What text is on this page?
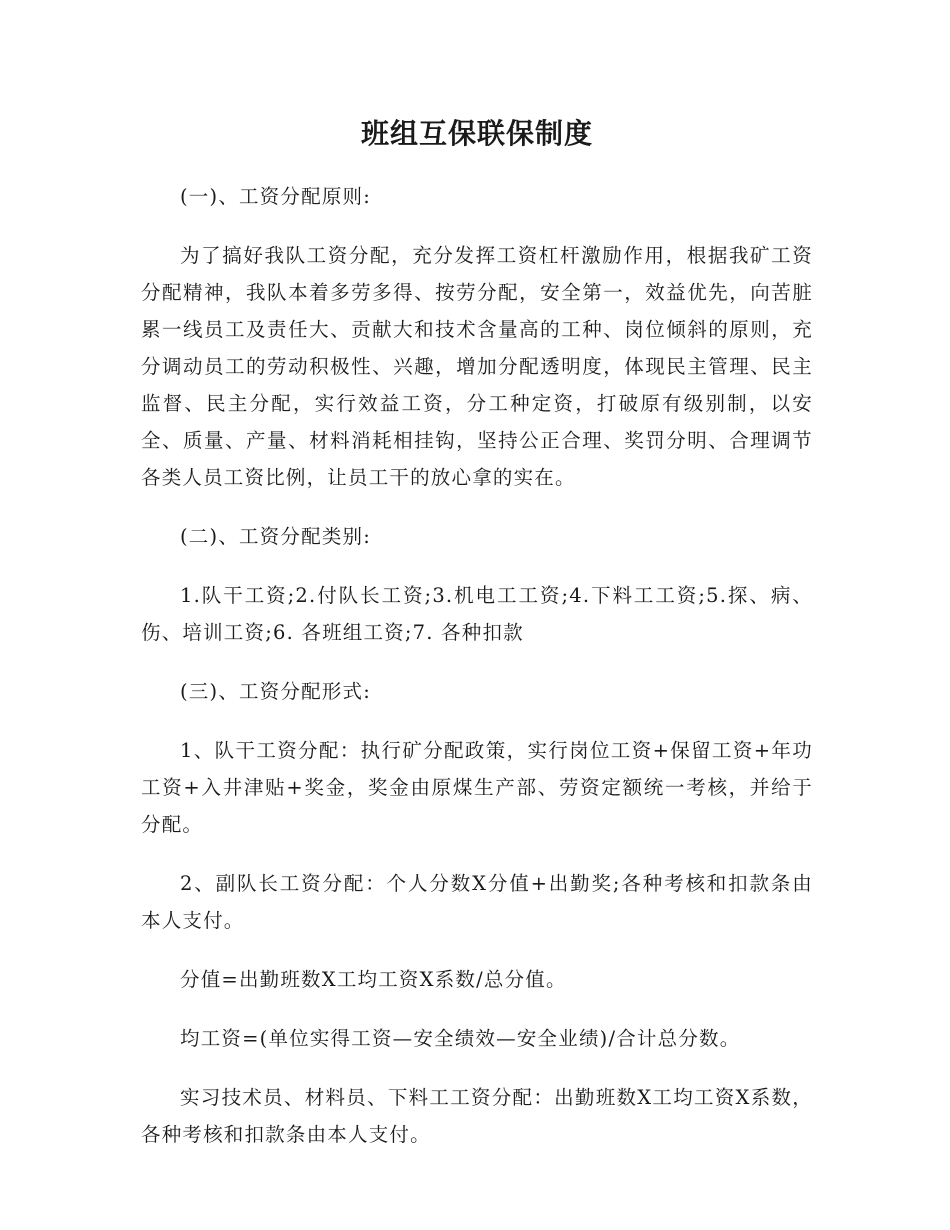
班组互保联保制度

(一)、工资分配原则:

为了搞好我队工资分配，充分发挥工资杠杆激励作用，根据我矿工资分配精神，我队本着多劳多得、按劳分配，安全第一，效益优先，向苦脏累一线员工及责任大、贡献大和技术含量高的工种、岗位倾斜的原则，充分调动员工的劳动积极性、兴趣，增加分配透明度，体现民主管理、民主监督、民主分配，实行效益工资，分工种定资，打破原有级别制，以安全、质量、产量、材料消耗相挂钩，坚持公正合理、奖罚分明、合理调节各类人员工资比例，让员工干的放心拿的实在。

(二)、工资分配类别:

1.队干工资;2.付队长工资;3.机电工工资;4.下料工工资;5.探、病、伤、培训工资;6. 各班组工资;7. 各种扣款

(三)、工资分配形式:

1、队干工资分配：执行矿分配政策，实行岗位工资+保留工资+年功工资+入井津贴+奖金，奖金由原煤生产部、劳资定额统一考核，并给于分配。

2、副队长工资分配：个人分数X分值+出勤奖;各种考核和扣款条由本人支付。

分值=出勤班数X工均工资X系数/总分值。

均工资=(单位实得工资—安全绩效—安全业绩)/合计总分数。

实习技术员、材料员、下料工工资分配：出勤班数X工均工资X系数，各种考核和扣款条由本人支付。
